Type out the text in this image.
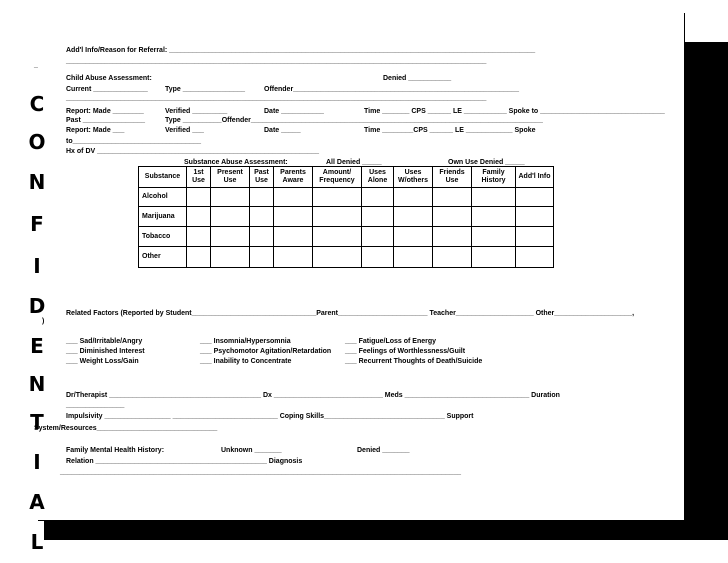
C
O
N
F
I
D
E
N
T
I
A
L
_
)
Add'l Info/Reason for Referral: ______________________________________________________________________________________________
____________________________________________________________________________________________________________
Child Abuse Assessment:	Denied ___________
Current ______________ Type ________________	Offender__________________________________________________________
____________________________________________________________________________________________________________
Report: Made ________	Verified _________	Date ___________	Time _______ CPS ______ LE ___________ Spoke to ________________________________
Past ________________	Type __________Offender___________________________________________________________________________
Report: Made ___	Verified ___	Date _____	Time ________CPS ______ LE ____________ Spoke
to_________________________________
Hx of DV _________________________________________________________
Substance Abuse Assessment:	All Denied _____	Own Use Denied _____
Substance	1st Use	Present Use	Past Use	Parents Aware	Amount/ Frequency	Uses Alone	Uses W/others	Friends Use	Family History	Add'l Info
Alcohol										
Marijuana										
Tobacco										
Other										
Related Factors (Reported by Student________________________________Parent_______________________ Teacher____________________ Other____________________,
___ Sad/Irritable/Angry
___ Diminished Interest
___ Weight Loss/Gain
___ Insomnia/Hypersomnia
___ Psychomotor Agitation/Retardation
___ Inability to Concentrate
___ Fatigue/Loss of Energy
___ Feelings of Worthlessness/Guilt
___ Recurrent Thoughts of Death/Suicide
Dr/Therapist _______________________________________ Dx ____________________________ Meds ________________________________ Duration
_______________
Impulsivity _________________ ___________________________ Coping Skills_______________________________ Support
System/Resources_______________________________
Family Mental Health History:	Unknown _______	Denied _______
Relation ____________________________________________ Diagnosis
_______________________________________________________________________________________________________
